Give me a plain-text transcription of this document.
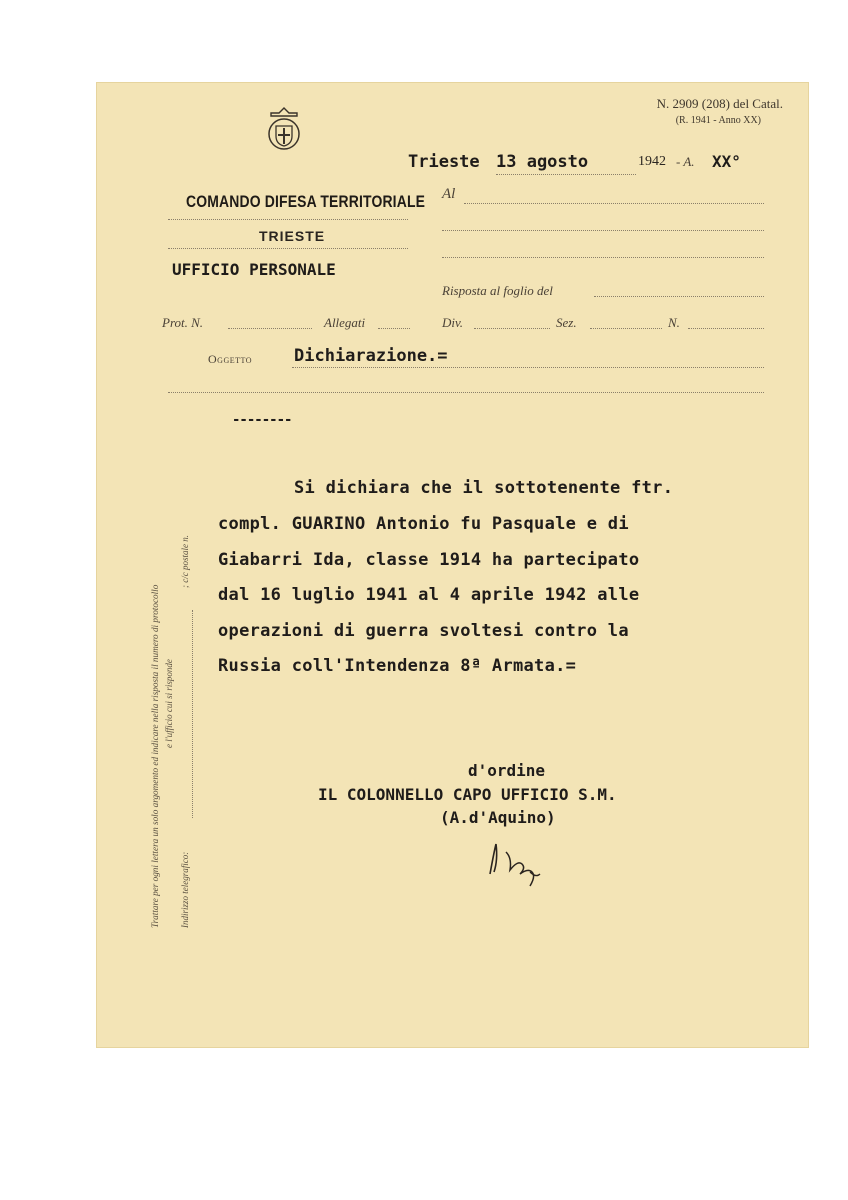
N. 2909 (208) del Catal.
(R. 1941 - Anno XX)
Trieste 13 agosto	1942 - A. XX°
Al
COMANDO DIFESA TERRITORIALE
TRIESTE
UFFICIO PERSONALE
Risposta al foglio del
Prot. N.	Allegati	Div.	Sez.	N.
Oggetto Dichiarazione.=
--------
Si dichiara che il sottotenente ftr.
compl. GUARINO Antonio fu Pasquale e di
Giabarri Ida, classe 1914 ha partecipato
dal 16 luglio 1941 al 4 aprile 1942 alle
operazioni di guerra svoltesi contro la
Russia coll'Intendenza 8ª Armata.=
d'ordine
IL COLONNELLO CAPO UFFICIO S.M.
(A.d'Aquino)
Trattare per ogni lettera un solo argomento ed indicare nella risposta il numero di protocollo e l'ufficio cui si risponde
Indirizzo telegrafico:
; c/c postale n.
